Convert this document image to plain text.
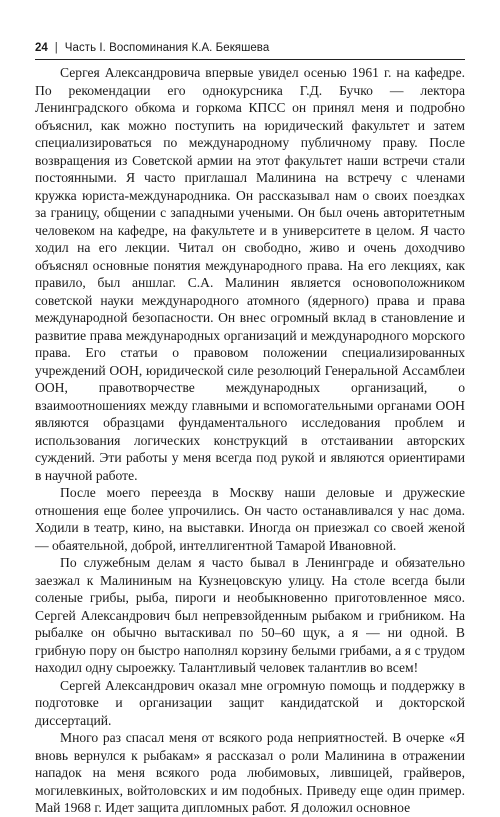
24 | Часть I. Воспоминания К.А. Бекяшева

Сергея Александровича впервые увидел осенью 1961 г. на кафедре. По рекомендации его однокурсника Г.Д. Бучко — лектора Ленинградского обкома и горкома КПСС он принял меня и подробно объяснил, как можно поступить на юридический факультет и затем специализироваться по международному публичному праву. После возвращения из Советской армии на этот факультет наши встречи стали постоянными. Я часто приглашал Малинина на встречу с членами кружка юриста-международника. Он рассказывал нам о своих поездках за границу, общении с западными учеными. Он был очень авторитетным человеком на кафедре, на факультете и в университете в целом. Я часто ходил на его лекции. Читал он свободно, живо и очень доходчиво объяснял основные понятия международного права. На его лекциях, как правило, был аншлаг. С.А. Малинин является основоположником советской науки международного атомного (ядерного) права и права международной безопасности. Он внес огромный вклад в становление и развитие права международных организаций и международного морского права. Его статьи о правовом положении специализированных учреждений ООН, юридической силе резолюций Генеральной Ассамблеи ООН, правотворчестве международных организаций, о взаимоотношениях между главными и вспомогательными органами ООН являются образцами фундаментального исследования проблем и использования логических конструкций в отстаивании авторских суждений. Эти работы у меня всегда под рукой и являются ориентирами в научной работе.

После моего переезда в Москву наши деловые и дружеские отношения еще более упрочились. Он часто останавливался у нас дома. Ходили в театр, кино, на выставки. Иногда он приезжал со своей женой — обаятельной, доброй, интеллигентной Тамарой Ивановной.

По служебным делам я часто бывал в Ленинграде и обязательно заезжал к Малининым на Кузнецовскую улицу. На столе всегда были соленые грибы, рыба, пироги и необыкновенно приготовленное мясо. Сергей Александрович был непревзойденным рыбаком и грибником. На рыбалке он обычно вытаскивал по 50–60 щук, а я — ни одной. В грибную пору он быстро наполнял корзину белыми грибами, а я с трудом находил одну сыроежку. Талантливый человек талантлив во всем!

Сергей Александрович оказал мне огромную помощь и поддержку в подготовке и организации защит кандидатской и докторской диссертаций.

Много раз спасал меня от всякого рода неприятностей. В очерке «Я вновь вернулся к рыбакам» я рассказал о роли Малинина в отражении нападок на меня всякого рода любимовых, лившицей, грайверов, могилевкиных, войтоловских и им подобных. Приведу еще один пример. Май 1968 г. Идет защита дипломных работ. Я доложил основное
